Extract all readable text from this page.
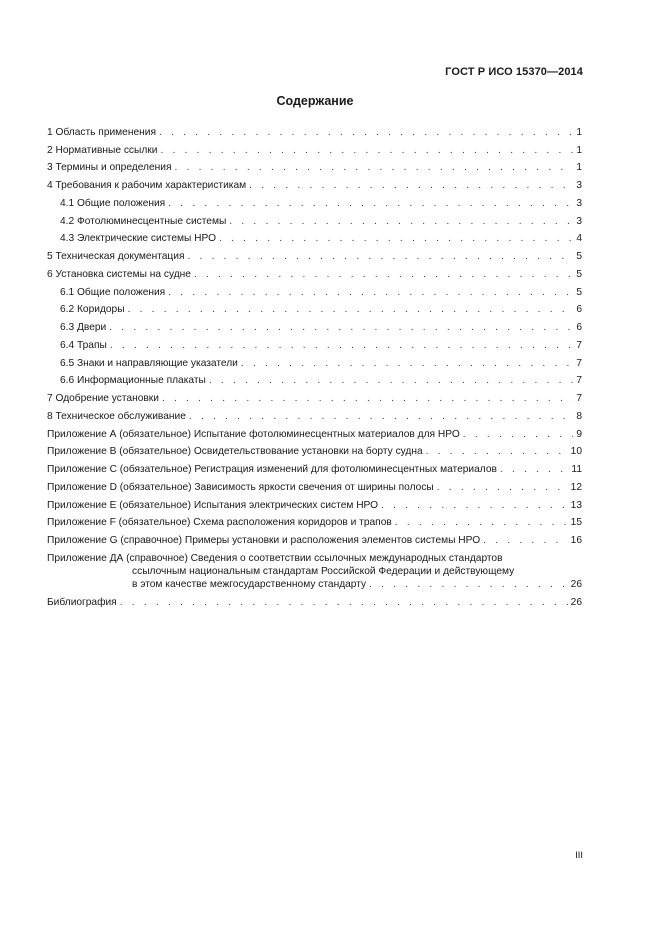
ГОСТ Р ИСО 15370—2014
Содержание
1 Область применения . . .	1
2 Нормативные ссылки . . .	1
3 Термины и определения . . .	1
4 Требования к рабочим характеристикам . . .	3
4.1 Общие положения . . .	3
4.2 Фотолюминесцентные системы . . .	3
4.3 Электрические системы НРО . . .	4
5 Техническая документация . . .	5
6 Установка системы на судне . . .	5
6.1 Общие положения . . .	5
6.2 Коридоры . . .	6
6.3 Двери . . .	6
6.4 Трапы . . .	7
6.5 Знаки и направляющие указатели . . .	7
6.6 Информационные плакаты . . .	7
7 Одобрение установки . . .	7
8 Техническое обслуживание . . .	8
Приложение А (обязательное) Испытание фотолюминесцентных материалов для НРО . . .	9
Приложение В (обязательное) Освидетельствование установки на борту судна . . .	10
Приложение С (обязательное) Регистрация изменений для фотолюминесцентных материалов . . .	11
Приложение D (обязательное) Зависимость яркости свечения от ширины полосы . . .	12
Приложение Е (обязательное) Испытания электрических систем НРО . . .	13
Приложение F (обязательное) Схема расположения коридоров и трапов . . .	15
Приложение G (справочное) Примеры установки и расположения элементов системы НРО . . .	16
Приложение ДА (справочное) Сведения о соответствии ссылочных международных стандартов
ссылочным национальным стандартам Российской Федерации и действующему
в этом качестве межгосударственному стандарту . . .	26
Библиография . . .	26
III
